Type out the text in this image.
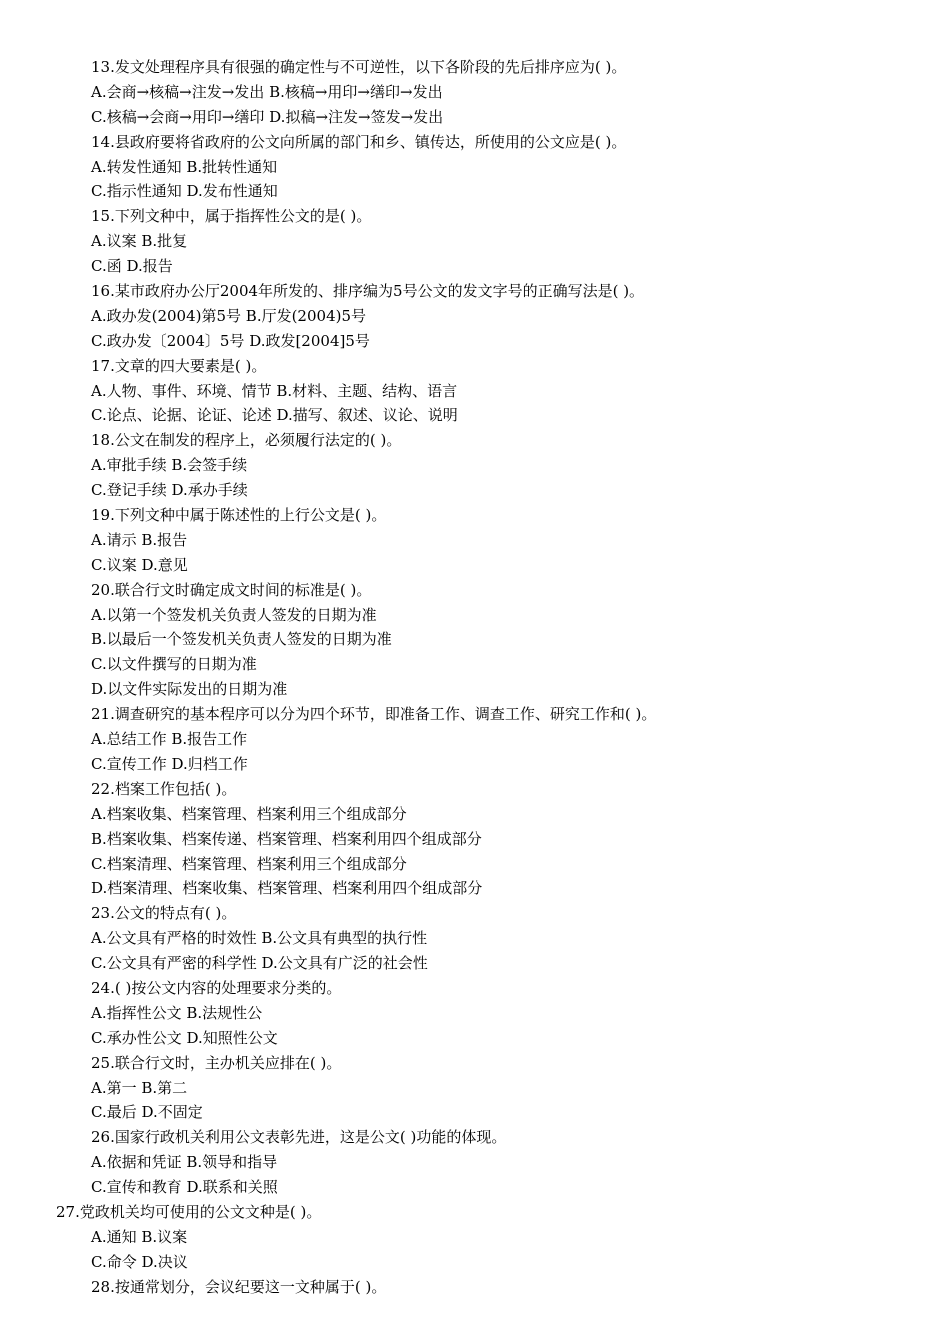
13.发文处理程序具有很强的确定性与不可逆性，以下各阶段的先后排序应为( )。
A.会商→核稿→注发→发出 B.核稿→用印→缮印→发出
C.核稿→会商→用印→缮印 D.拟稿→注发→签发→发出
14.县政府要将省政府的公文向所属的部门和乡、镇传达，所使用的公文应是( )。
A.转发性通知 B.批转性通知
C.指示性通知 D.发布性通知
15.下列文种中，属于指挥性公文的是( )。
A.议案 B.批复
C.函 D.报告
16.某市政府办公厅2004年所发的、排序编为5号公文的发文字号的正确写法是( )。
A.政办发(2004)第5号 B.厅发(2004)5号
C.政办发〔2004〕5号 D.政发[2004]5号
17.文章的四大要素是( )。
A.人物、事件、环境、情节 B.材料、主题、结构、语言
C.论点、论据、论证、论述 D.描写、叙述、议论、说明
18.公文在制发的程序上，必须履行法定的( )。
A.审批手续 B.会签手续
C.登记手续 D.承办手续
19.下列文种中属于陈述性的上行公文是( )。
A.请示 B.报告
C.议案 D.意见
20.联合行文时确定成文时间的标准是( )。
A.以第一个签发机关负责人签发的日期为准
B.以最后一个签发机关负责人签发的日期为准
C.以文件撰写的日期为准
D.以文件实际发出的日期为准
21.调查研究的基本程序可以分为四个环节，即准备工作、调查工作、研究工作和( )。
A.总结工作 B.报告工作
C.宣传工作 D.归档工作
22.档案工作包括( )。
A.档案收集、档案管理、档案利用三个组成部分
B.档案收集、档案传递、档案管理、档案利用四个组成部分
C.档案清理、档案管理、档案利用三个组成部分
D.档案清理、档案收集、档案管理、档案利用四个组成部分
23.公文的特点有( )。
A.公文具有严格的时效性 B.公文具有典型的执行性
C.公文具有严密的科学性 D.公文具有广泛的社会性
24.( )按公文内容的处理要求分类的。
A.指挥性公文 B.法规性公
C.承办性公文 D.知照性公文
25.联合行文时，主办机关应排在( )。
A.第一 B.第二
C.最后 D.不固定
26.国家行政机关利用公文表彰先进，这是公文( )功能的体现。
A.依据和凭证 B.领导和指导
C.宣传和教育 D.联系和关照
27.党政机关均可使用的公文文种是( )。
A.通知 B.议案
C.命令 D.决议
28.按通常划分，会议纪要这一文种属于( )。
